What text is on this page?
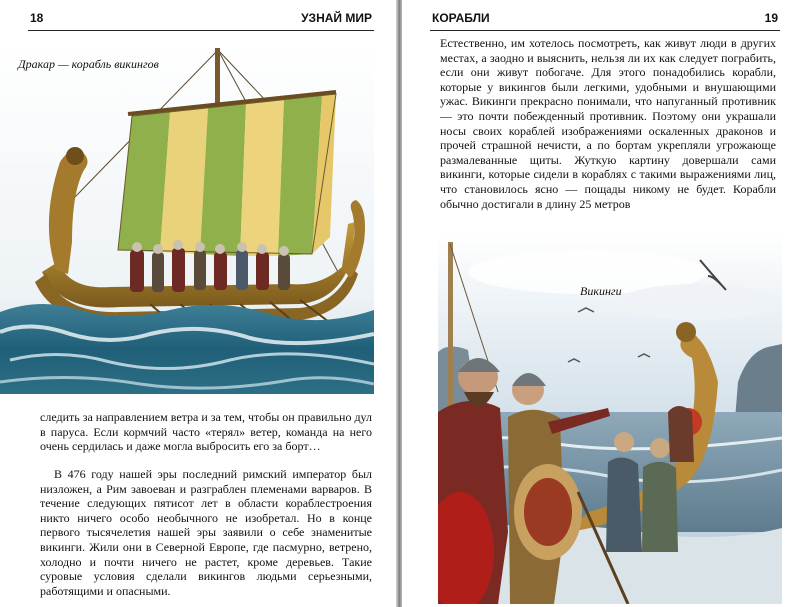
18	УЗНАЙ МИР
Дракар — корабль викингов

следить за направлением ветра и за тем, чтобы он правильно дул в паруса. Если кормчий часто «терял» ветер, команда на него очень сердилась и даже могла выбросить его за борт…

В 476 году нашей эры последний римский император был низложен, а Рим завоеван и разграблен племенами варваров. В течение следующих пятисот лет в области кораблестроения никто ничего особо необычного не изобретал. Но в конце первого тысячелетия нашей эры заявили о себе знаменитые викинги. Жили они в Северной Европе, где пасмурно, ветрено, холодно и почти ничего не растет, кроме деревьев. Такие суровые условия сделали викингов людьми серьезными, работящими и опасными.

КОРАБЛИ	19

Естественно, им хотелось посмотреть, как живут люди в других местах, а заодно и выяснить, нельзя ли их как следует пограбить, если они живут побогаче. Для этого понадобились корабли, которые у викингов были легкими, удобными и внушающими ужас. Викинги прекрасно понимали, что напуганный противник — это почти побежденный противник. Поэтому они украшали носы своих кораблей изображениями оскаленных драконов и прочей страшной нечисти, а по бортам укрепляли угрожающе размалеванные щиты. Жуткую картину довершали сами викинги, которые сидели в кораблях с такими выражениями лиц, что становилось ясно — пощады никому не будет. Корабли обычно достигали в длину 25 метров

Викинги
